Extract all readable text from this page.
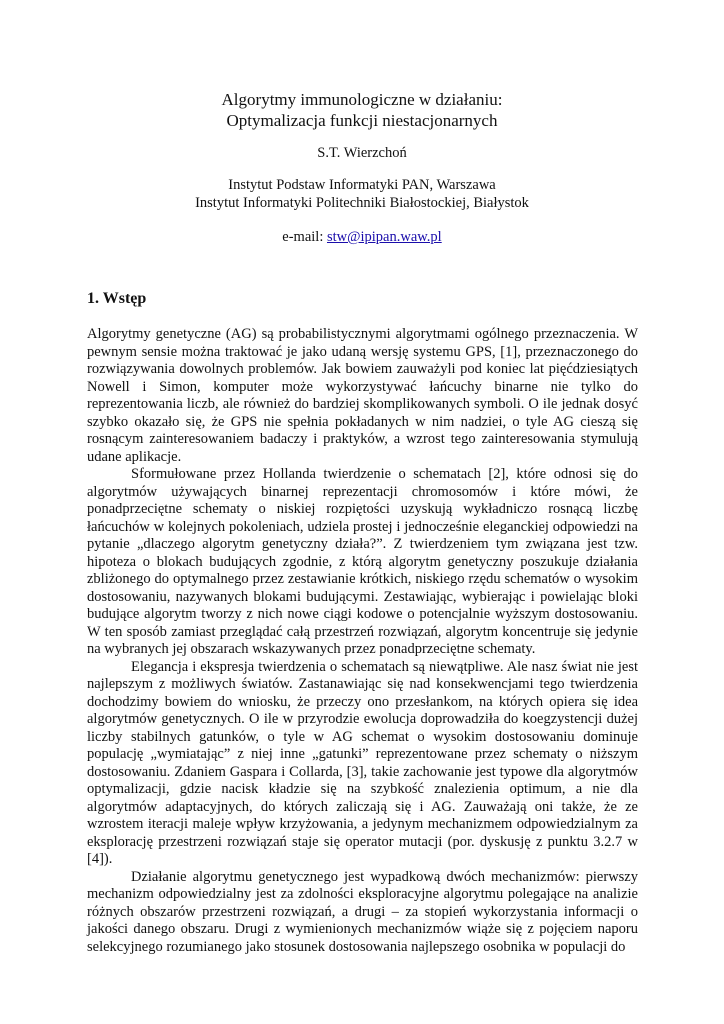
Algorytmy immunologiczne w działaniu:
Optymalizacja funkcji niestacjonarnych
S.T. Wierzchoń
Instytut Podstaw Informatyki PAN, Warszawa
Instytut Informatyki Politechniki Białostockiej, Białystok
e-mail: stw@ipipan.waw.pl
1. Wstęp

Algorytmy genetyczne (AG) są probabilistycznymi algorytmami ogólnego przeznaczenia. W pewnym sensie można traktować je jako udaną wersję systemu GPS, [1], przeznaczonego do rozwiązywania dowolnych problemów. Jak bowiem zauważyli pod koniec lat pięćdziesiątych Nowell i Simon, komputer może wykorzystywać łańcuchy binarne nie tylko do reprezentowania liczb, ale również do bardziej skomplikowanych symboli. O ile jednak dosyć szybko okazało się, że GPS nie spełnia pokładanych w nim nadziei, o tyle AG cieszą się rosnącym zainteresowaniem badaczy i praktyków, a wzrost tego zainteresowania stymulują udane aplikacje.

Sformułowane przez Hollanda twierdzenie o schematach [2], które odnosi się do algorytmów używających binarnej reprezentacji chromosomów i które mówi, że ponadprzeciętne schematy o niskiej rozpiętości uzyskują wykładniczo rosnącą liczbę łańcuchów w kolejnych pokoleniach, udziela prostej i jednocześnie eleganckiej odpowiedzi na pytanie „dlaczego algorytm genetyczny działa?”. Z twierdzeniem tym związana jest tzw. hipoteza o blokach budujących zgodnie, z którą algorytm genetyczny poszukuje działania zbliżonego do optymalnego przez zestawianie krótkich, niskiego rzędu schematów o wysokim dostosowaniu, nazywanych blokami budującymi. Zestawiając, wybierając i powielając bloki budujące algorytm tworzy z nich nowe ciągi kodowe o potencjalnie wyższym dostosowaniu. W ten sposób zamiast przeglądać całą przestrzeń rozwiązań, algorytm koncentruje się jedynie na wybranych jej obszarach wskazywanych przez ponadprzeciętne schematy.

Elegancja i ekspresja twierdzenia o schematach są niewątpliwe. Ale nasz świat nie jest najlepszym z możliwych światów. Zastanawiając się nad konsekwencjami tego twierdzenia dochodzimy bowiem do wniosku, że przeczy ono przesłankom, na których opiera się idea algorytmów genetycznych. O ile w przyrodzie ewolucja doprowadziła do koegzystencji dużej liczby stabilnych gatunków, o tyle w AG schemat o wysokim dostosowaniu dominuje populację „wymiatając” z niej inne „gatunki” reprezentowane przez schematy o niższym dostosowaniu. Zdaniem Gaspara i Collarda, [3], takie zachowanie jest typowe dla algorytmów optymalizacji, gdzie nacisk kładzie się na szybkość znalezienia optimum, a nie dla algorytmów adaptacyjnych, do których zaliczają się i AG. Zauważają oni także, że ze wzrostem iteracji maleje wpływ krzyżowania, a jedynym mechanizmem odpowiedzialnym za eksplorację przestrzeni rozwiązań staje się operator mutacji (por. dyskusję z punktu 3.2.7 w [4]).

Działanie algorytmu genetycznego jest wypadkową dwóch mechanizmów: pierwszy mechanizm odpowiedzialny jest za zdolności eksploracyjne algorytmu polegające na analizie różnych obszarów przestrzeni rozwiązań, a drugi – za stopień wykorzystania informacji o jakości danego obszaru. Drugi z wymienionych mechanizmów wiąże się z pojęciem naporu selekcyjnego rozumianego jako stosunek dostosowania najlepszego osobnika w populacji do
